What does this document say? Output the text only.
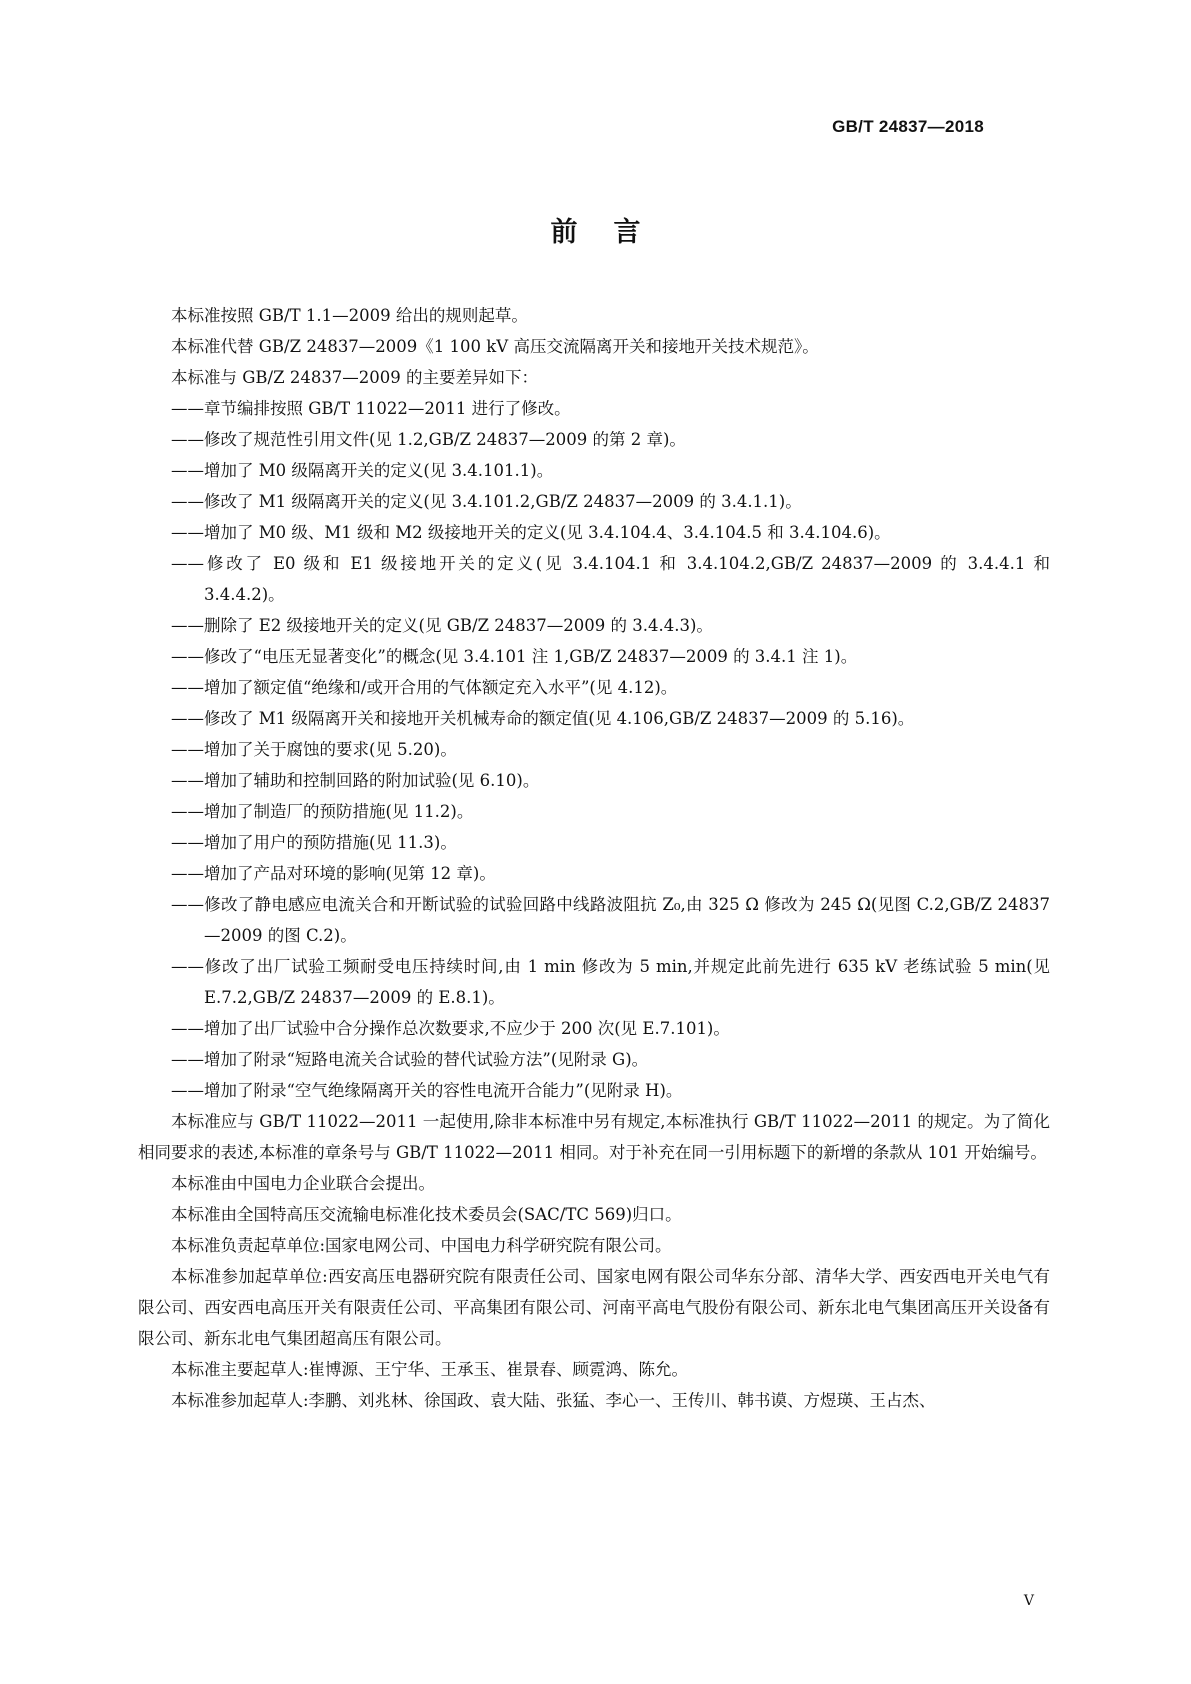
GB/T 24837—2018
前言

本标准按照 GB/T 1.1—2009 给出的规则起草。

本标准代替 GB/Z 24837—2009《1 100 kV 高压交流隔离开关和接地开关技术规范》。

本标准与 GB/Z 24837—2009 的主要差异如下：

——章节编排按照 GB/T 11022—2011 进行了修改。

——修改了规范性引用文件(见 1.2,GB/Z 24837—2009 的第 2 章)。

——增加了 M0 级隔离开关的定义(见 3.4.101.1)。

——修改了 M1 级隔离开关的定义(见 3.4.101.2,GB/Z 24837—2009 的 3.4.1.1)。

——增加了 M0 级、M1 级和 M2 级接地开关的定义(见 3.4.104.4、3.4.104.5 和 3.4.104.6)。

——修改了 E0 级和 E1 级接地开关的定义(见 3.4.104.1 和 3.4.104.2,GB/Z 24837—2009 的 3.4.4.1 和 3.4.4.2)。

——删除了 E2 级接地开关的定义(见 GB/Z 24837—2009 的 3.4.4.3)。

——修改了“电压无显著变化”的概念(见 3.4.101 注 1,GB/Z 24837—2009 的 3.4.1 注 1)。

——增加了额定值“绝缘和/或开合用的气体额定充入水平”(见 4.12)。

——修改了 M1 级隔离开关和接地开关机械寿命的额定值(见 4.106,GB/Z 24837—2009 的 5.16)。

——增加了关于腐蚀的要求(见 5.20)。

——增加了辅助和控制回路的附加试验(见 6.10)。

——增加了制造厂的预防措施(见 11.2)。

——增加了用户的预防措施(见 11.3)。

——增加了产品对环境的影响(见第 12 章)。

——修改了静电感应电流关合和开断试验的试验回路中线路波阻抗 Z₀,由 325 Ω 修改为 245 Ω(见图 C.2,GB/Z 24837—2009 的图 C.2)。

——修改了出厂试验工频耐受电压持续时间,由 1 min 修改为 5 min,并规定此前先进行 635 kV 老练试验 5 min(见 E.7.2,GB/Z 24837—2009 的 E.8.1)。

——增加了出厂试验中合分操作总次数要求,不应少于 200 次(见 E.7.101)。

——增加了附录“短路电流关合试验的替代试验方法”(见附录 G)。

——增加了附录“空气绝缘隔离开关的容性电流开合能力”(见附录 H)。

本标准应与 GB/T 11022—2011 一起使用,除非本标准中另有规定,本标准执行 GB/T 11022—2011 的规定。为了简化相同要求的表述,本标准的章条号与 GB/T 11022—2011 相同。对于补充在同一引用标题下的新增的条款从 101 开始编号。

本标准由中国电力企业联合会提出。

本标准由全国特高压交流输电标准化技术委员会(SAC/TC 569)归口。

本标准负责起草单位:国家电网公司、中国电力科学研究院有限公司。

本标准参加起草单位:西安高压电器研究院有限责任公司、国家电网有限公司华东分部、清华大学、西安西电开关电气有限公司、西安西电高压开关有限责任公司、平高集团有限公司、河南平高电气股份有限公司、新东北电气集团高压开关设备有限公司、新东北电气集团超高压有限公司。

本标准主要起草人:崔博源、王宁华、王承玉、崔景春、顾霓鸿、陈允。

本标准参加起草人:李鹏、刘兆林、徐国政、袁大陆、张猛、李心一、王传川、韩书谟、方煜瑛、王占杰、

V
